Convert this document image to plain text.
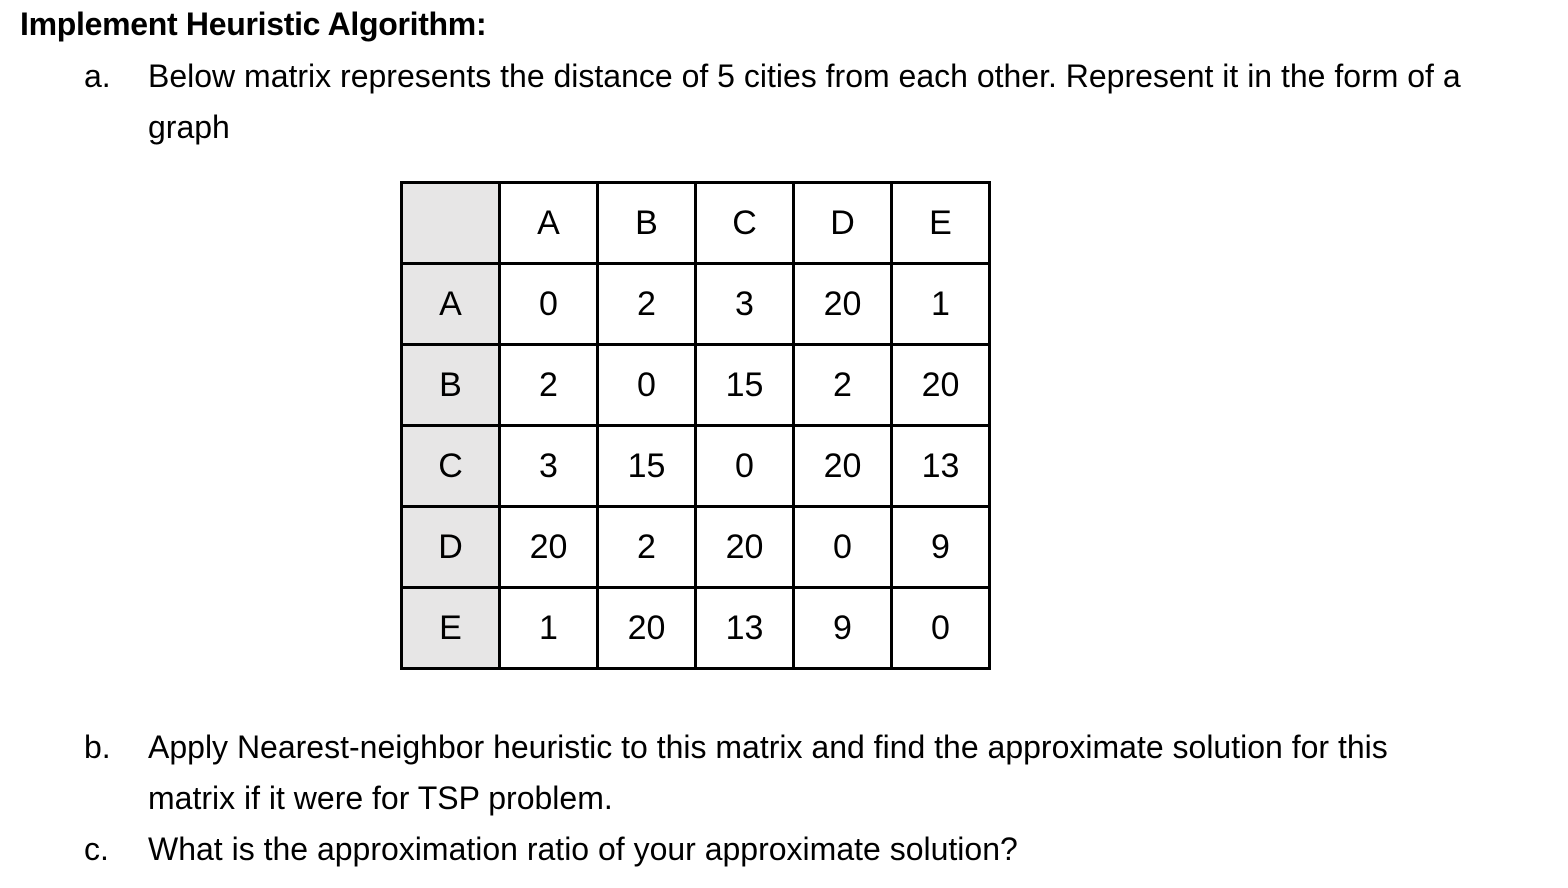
Implement Heuristic Algorithm:
a. Below matrix represents the distance of 5 cities from each other. Represent it in the form of a graph
	A	B	C	D	E
A	0	2	3	20	1
B	2	0	15	2	20
C	3	15	0	20	13
D	20	2	20	0	9
E	1	20	13	9	0
b. Apply Nearest-neighbor heuristic to this matrix and find the approximate solution for this matrix if it were for TSP problem.
c. What is the approximation ratio of your approximate solution?
